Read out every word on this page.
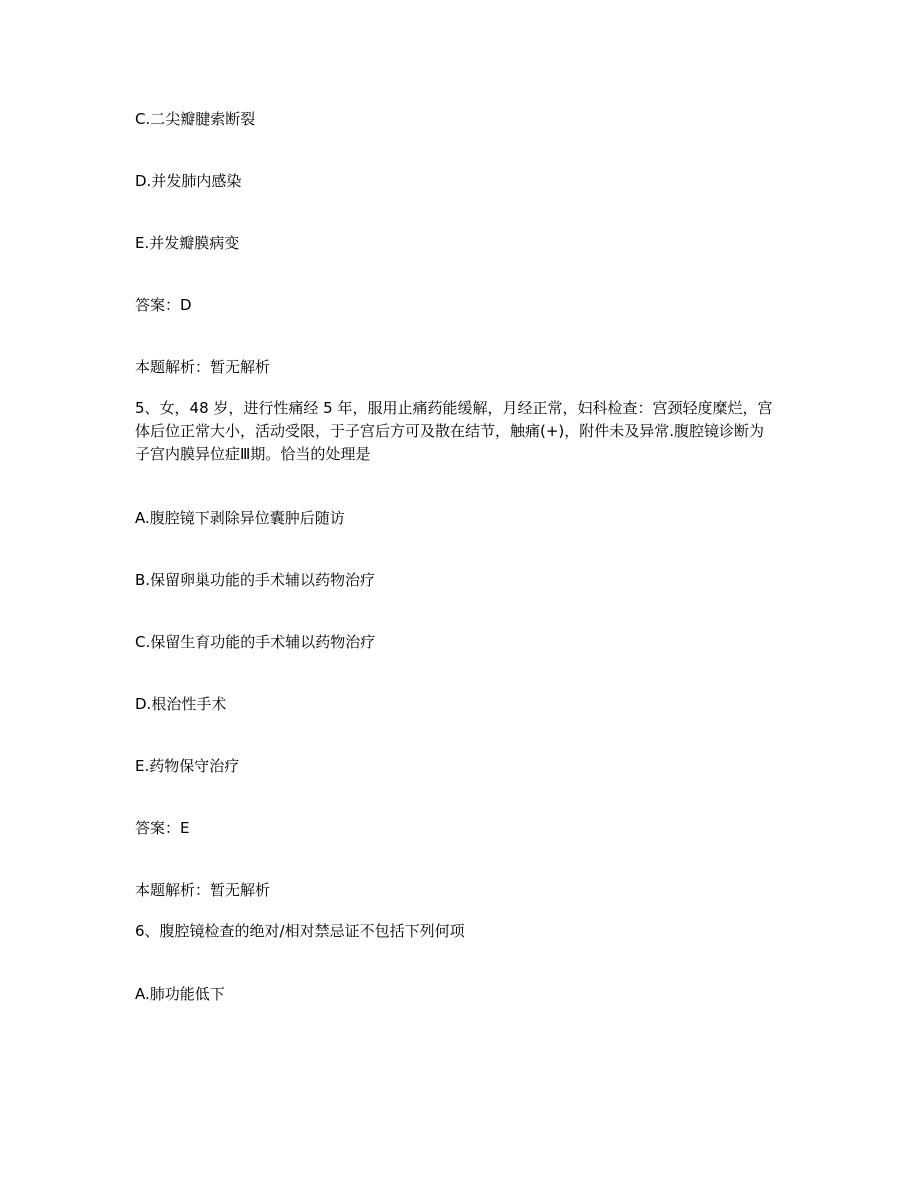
C.二尖瓣腱索断裂
D.并发肺内感染
E.并发瓣膜病变
答案：D
本题解析：暂无解析
5、女，48 岁，进行性痛经 5 年，服用止痛药能缓解，月经正常，妇科检查：宫颈轻度糜烂，宫体后位正常大小，活动受限，于子宫后方可及散在结节，触痛(+)，附件未及异常.腹腔镜诊断为子宫内膜异位症Ⅲ期。恰当的处理是
A.腹腔镜下剥除异位囊肿后随访
B.保留卵巢功能的手术辅以药物治疗
C.保留生育功能的手术辅以药物治疗
D.根治性手术
E.药物保守治疗
答案：E
本题解析：暂无解析
6、腹腔镜检查的绝对/相对禁忌证不包括下列何项
A.肺功能低下
